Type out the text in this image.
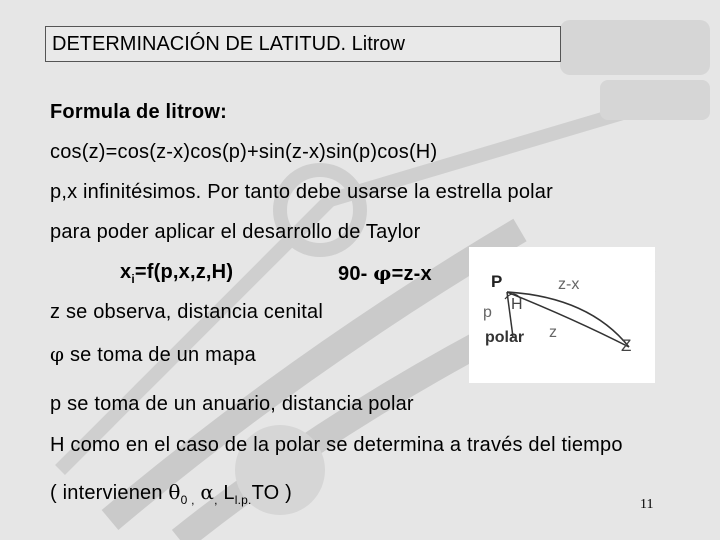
DETERMINACIÓN DE LATITUD. Litrow
Formula de litrow:
cos(z)=cos(z-x)cos(p)+sin(z-x)sin(p)cos(H)
p,x infinitésimos. Por tanto debe usarse la estrella polar
para poder aplicar el desarrollo de Taylor
$x_i=f(p,x,z,H)$	90- φ=z-x
z se observa, distancia cenital
φ se toma de un mapa
p se toma de un anuario, distancia polar
H como en el caso de la polar se determina a través del tiempo
( intervienen $\theta_0$ $_,$ $\alpha_,$ $L_{l.p.}TO$ )
P	z-x
p H
z
polar	Z
11
